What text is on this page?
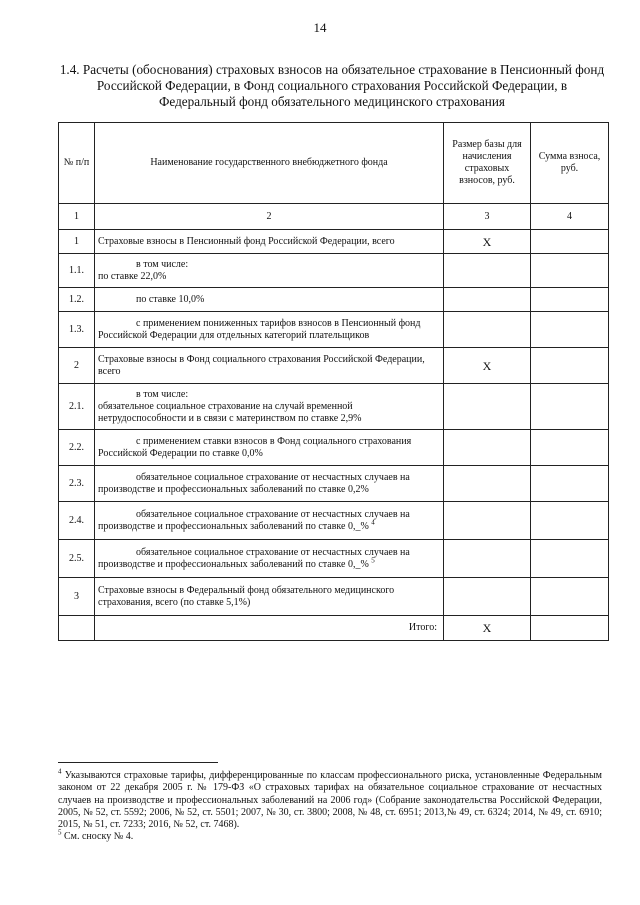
14
1.4. Расчеты (обоснования) страховых взносов на обязательное страхование в Пенсионный фонд Российской Федерации, в Фонд социального страхования Российской Федерации, в Федеральный фонд обязательного медицинского страхования
№ п/п	Наименование государственного внебюджетного фонда	Размер базы для начисления страховых взносов, руб.	Сумма взноса, руб.
1	2	3	4
1	Страховые взносы в Пенсионный фонд Российской Федерации, всего	X	
1.1.	в том числе:
по ставке 22,0%		
1.2.	по ставке 10,0%		

1.3.	с применением пониженных тарифов взносов в Пенсионный фонд Российской Федерации для отдельных категорий плательщиков		
2	Страховые взносы в Фонд социального страхования Российской Федерации, всего	X	
2.1.	в том числе:
обязательное социальное страхование на случай временной нетрудоспособности и в связи с материнством по ставке 2,9%		
2.2.	с применением ставки взносов в Фонд социального страхования Российской Федерации по ставке 0,0%		
2.3.	обязательное социальное страхование от несчастных случаев на производстве и профессиональных заболеваний по ставке 0,2%		
2.4.	обязательное социальное страхование от несчастных случаев на производстве и профессиональных заболеваний по ставке 0,_% $^4$		
2.5.	обязательное социальное страхование от несчастных случаев на производстве и профессиональных заболеваний по ставке 0,_% $^5$		
3	Страховые взносы в Федеральный фонд обязательного медицинского страхования, всего (по ставке 5,1%)		
	Итого:	X	

$^4$ Указываются страховые тарифы, дифференцированные по классам профессионального риска, установленные Федеральным законом от 22 декабря 2005 г. № 179-ФЗ «О страховых тарифах на обязательное социальное страхование от несчастных случаев на производстве и профессиональных заболеваний на 2006 год» (Собрание законодательства Российской Федерации, 2005, № 52, ст. 5592; 2006, № 52, ст. 5501; 2007, № 30, ст. 3800; 2008, № 48, ст. 6951; 2013,№ 49, ст. 6324; 2014, № 49, ст. 6910; 2015, № 51, ст. 7233; 2016, № 52, ст. 7468).

$^5$ См. сноску № 4.
